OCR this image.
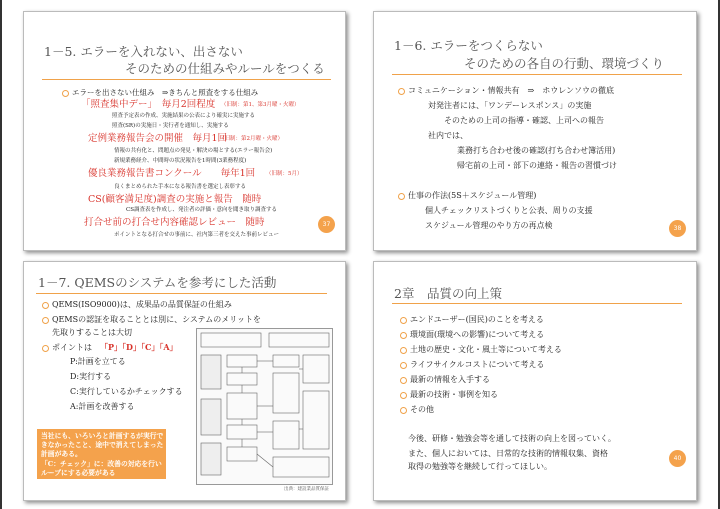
1－5. エラーを入れない、出さない
そのための仕組みやルールをつくる
エラーを出さない仕組み　⇒きちんと照査をする仕組み
「照査集中デー」　毎月2回程度 （旧制：第1、第3月曜・火曜）
照査予定表の作成、実施結果の公表により確実に実施する
照査(SR)の実施日・実行者を通知し、実施する
定例業務報告会の開催　毎月1回
（旧制：第2月曜・火曜）
情報の共有化と、問題点の発見・解決の場とする(エラー報告会)
新規業務経介、中間時の状況報告を1時間(3業務程度)
優良業務報告書コンクール　　毎年1回 （旧制：5月）
良くまとめられた手本になる報告書を選定し表彰する
CS(顧客満足度)調査の実施と報告　随時
CS調査表を作成し、発注者の評価・意向を聞き取り調査する
打合せ前の打合せ内容確認レビュー　随時
ポイントとなる打合せの事前に、社内第三者を交えた事前レビュー
37
1－6. エラーをつくらない
そのための各自の行動、環境づくり
コミュニケーション・情報共有　⇒　ホウレンソウの徹底
対発注者には、「ワンデーレスポンス」の実施
そのための上司の指導・確認、上司への報告
社内では、
業務打ち合わせ後の確認(打ち合わせ簿活用)
帰宅前の上司・部下の連絡・報告の習慣づけ
仕事の作法(5S＋スケジュール管理)
個人チェックリストづくりと公表、周りの支援
スケジュール管理のやり方の再点検	38
1－7. QEMSのシステムを参考にした活動
QEMS(ISO9000)は、成果品の品質保証の仕組み
QEMSの認証を取ることとは別に、システムのメリットを
先取りすることは大切
ポイントは 「P」「D」「C」「A」
P:計画を立てる
D:実行する
C:実行しているかチェックする
A:計画を改善する
当社にも、いろいろと計画するが実行で
きなかったこと、途中で消えてしまった
計画がある。
「C：チェック」に：改善の対応を行い
ループにする必要がある
出典：建設業品質保証
2章　品質の向上策
エンドユーザー(国民)のことを考える
環境面(環境への影響)について考える
土地の歴史・文化・風土等について考える
ライフサイクルコストについて考える
最新の情報を入手する
最新の技術・事例を知る
その他
今後、研修・勉強会等を通して技術の向上を図っていく。
また、個人においては、日常的な技術的情報収集、資格
取得の勉強等を継続して行ってほしい。
40
